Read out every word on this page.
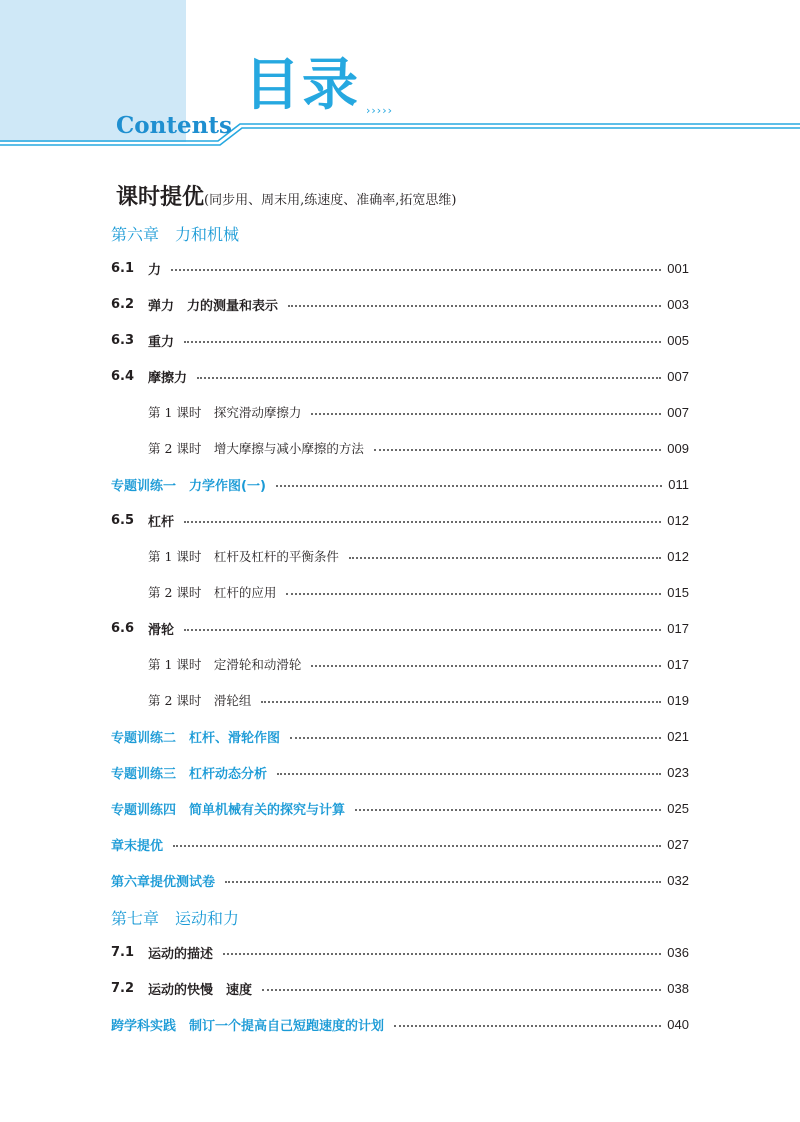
目录 ›››››
Contents
课时提优(同步用、周末用,练速度、准确率,拓宽思维)
第六章　力和机械
6.1	力	001
6.2	弹力　力的测量和表示	003
6.3	重力	005
6.4	摩擦力	007
第 1 课时　探究滑动摩擦力	007
第 2 课时　增大摩擦与减小摩擦的方法	009
专题训练一　力学作图(一)	011
6.5	杠杆	012
第 1 课时　杠杆及杠杆的平衡条件	012
第 2 课时　杠杆的应用	015
6.6	滑轮	017
第 1 课时　定滑轮和动滑轮	017
第 2 课时　滑轮组	019
专题训练二　杠杆、滑轮作图	021
专题训练三　杠杆动态分析	023
专题训练四　简单机械有关的探究与计算	025
章末提优	027
第六章提优测试卷	032
第七章　运动和力
7.1	运动的描述	036
7.2	运动的快慢　速度	038
跨学科实践　制订一个提高自己短跑速度的计划	040
